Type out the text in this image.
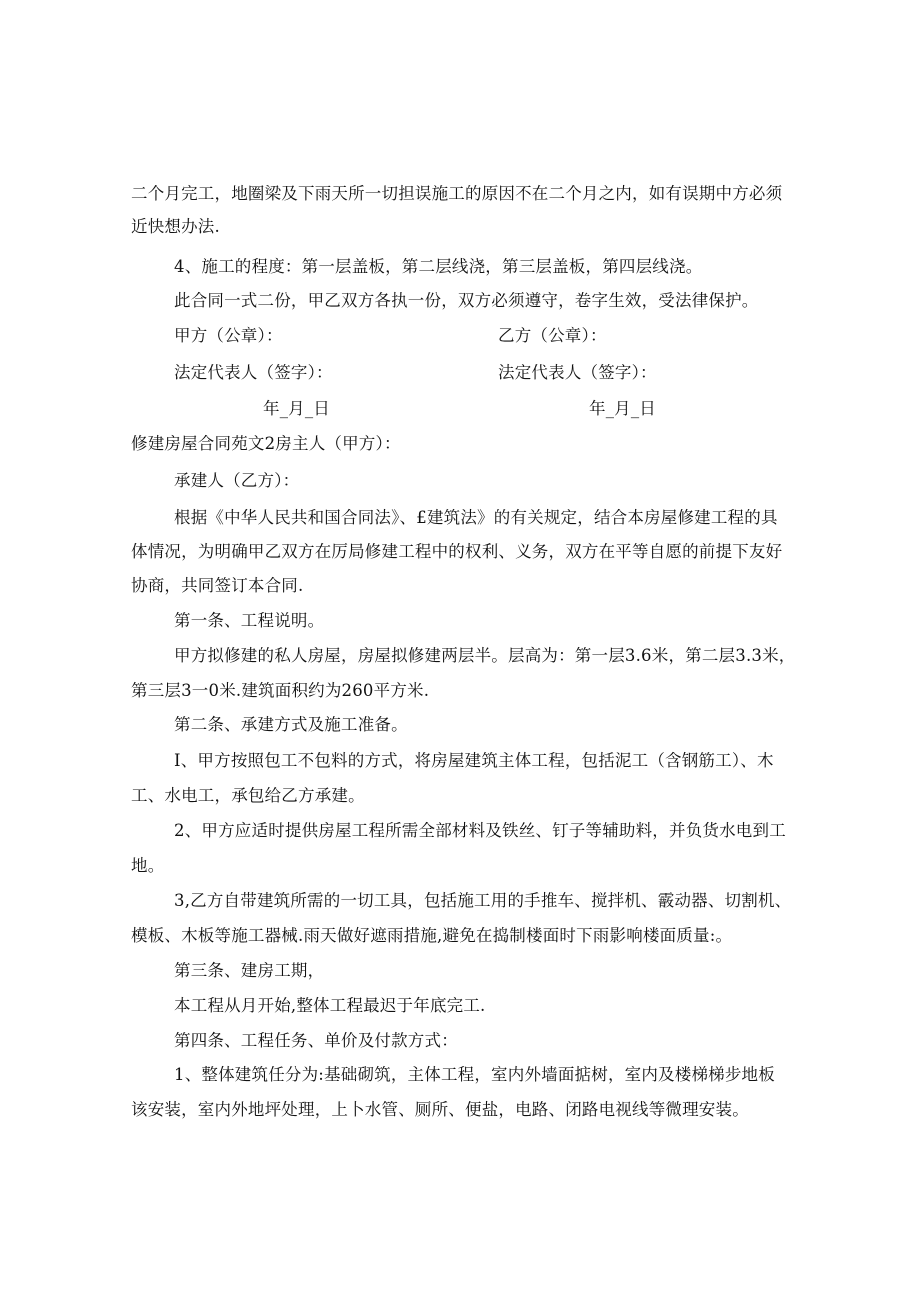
二个月完工，地圈梁及下雨天所一切担误施工的原因不在二个月之内，如有误期中方必须
近快想办法.
4、施工的程度：第一层盖板，第二层线浇，第三层盖板，第四层线浇。
此合同一式二份，甲乙双方各执一份，双方必须遵守，卷字生效，受法律保护。
甲方（公章）：	乙方（公章）：
法定代表人（签字）：	法定代表人（签字）：
年_月_日	年_月_日
修建房屋合同苑文2房主人（甲方）：
承建人（乙方）：
根据《中华人民共和国合同法》、£建筑法》的有关规定，结合本房屋修建工程的具
体情况，为明确甲乙双方在厉局修建工程中的权利、义务，双方在平等自愿的前提下友好
协商，共同签订本合同.
第一条、工程说明。
甲方拟修建的私人房屋，房屋拟修建两层半。层高为：第一层3.6米，第二层3.3米，
第三层3一0米.建筑面积约为260平方米.
第二条、承建方式及施工准备。
I、甲方按照包工不包料的方式，将房屋建筑主体工程，包括泥工（含钢筋工）、木
工、水电工，承包给乙方承建。
2、甲方应适时提供房屋工程所需全部材料及铁丝、钉子等辅助料，并负货水电到工
地。
3,乙方自带建筑所需的一切工具，包括施工用的手推车、搅拌机、霰动器、切割机、
模板、木板等施工器械.雨天做好遮雨措施,避免在捣制楼面时下雨影响楼面质量:。
第三条、建房工期，
本工程从月开始,整体工程最迟于年底完工.
第四条、工程任务、单价及付款方式：
1、整体建筑任分为:基础砌筑，主体工程，室内外墙面掂树，室内及楼梯梯步地板
该安装，室内外地坪处理，上卜水管、厕所、便盐，电路、闭路电视线等微理安装。
